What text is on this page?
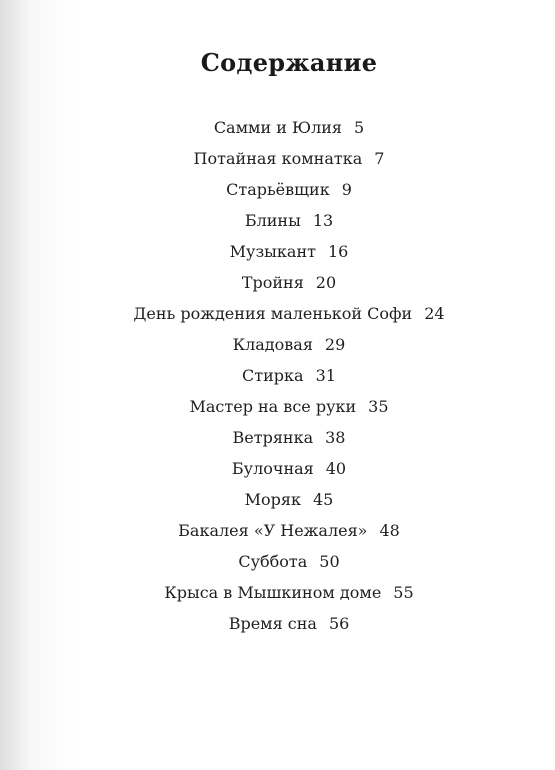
Содержание
Самми и Юлия 5
Потайная комнатка 7
Старьёвщик 9
Блины 13
Музыкант 16
Тройня 20
День рождения маленькой Софи 24
Кладовая 29
Стирка 31
Мастер на все руки 35
Ветрянка 38
Булочная 40
Моряк 45
Бакалея «У Нежалея» 48
Суббота 50
Крыса в Мышкином доме 55
Время сна 56
